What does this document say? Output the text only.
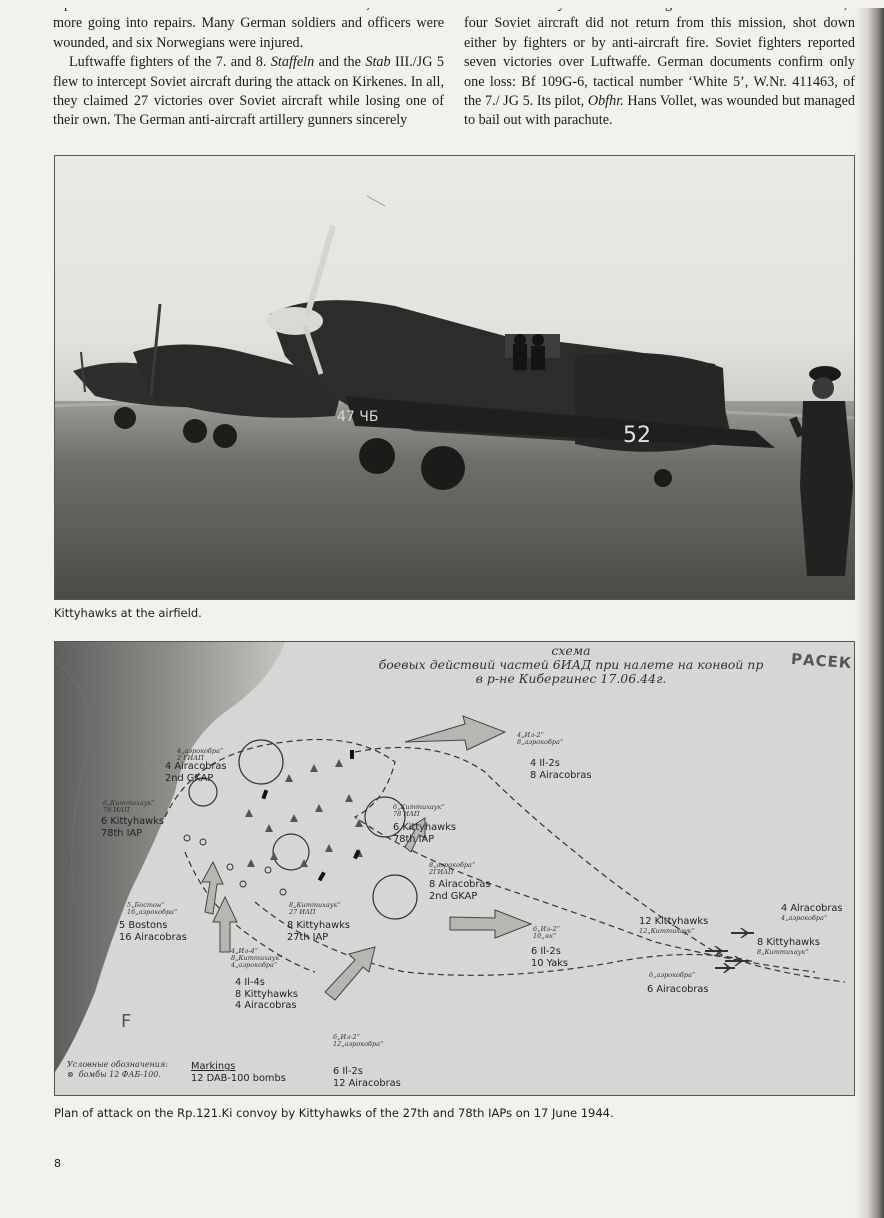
more going into repairs. Many German soldiers and officers were wounded, and six Norwegians were injured.

Luftwaffe fighters of the 7. and 8. Staffeln and the Stab III./JG 5 flew to intercept Soviet aircraft during the attack on Kirkenes. In all, they claimed 27 victories over Soviet aircraft while losing one of their own. The German anti-aircraft artillery gunners sincerely

four Soviet aircraft did not return from this mission, shot down either by fighters or by anti-aircraft fire. Soviet fighters reported seven victories over Luftwaffe. German documents confirm only one loss: Bf 109G-6, tactical number ‘White 5’, W.Nr. 411463, of the 7./ JG 5. Its pilot, Obfhr. Hans Vollet, was wounded but managed to bail out with parachute.

47 ЧБ
52
Kittyhawks at the airfield.
схема
боевых действий частей 6ИАД при налете на конвой пр
в р-не Кибергинес 17.06.44г.
РАСЕК
4„аэрокобра“
2 ГИАП
4 Airacobras
2nd GKAP
6„Киттихаук“
78 ИАП
6 Kittyhawks
78th IAP
5„Бостон“
16„аэрокобра“
5 Bostons
16 Airacobras
4„Ил-4“
8„Киттихаук“
4„аэрокобра“
4 Il-4s
8 Kittyhawks
4 Airacobras
8„Киттихаук“
27 ИАП
8 Kittyhawks
27th IAP
6„Киттихаук“
78 ИАП
6 Kittyhawks
78th IAP
8„аэрокобра“
2ГИАП
8 Airacobras
2nd GKAP
4„Ил-2“
8„аэрокобра“
4 Il-2s
8 Airacobras
6„Ил-2“
10„як“
6 Il-2s
10 Yaks
12 Kittyhawks
12„Киттихаук“
4 Alracobras
4„аэрокобра“
8 Kittyhawks
8„Киттихаук“
6„аэрокобра“
6 Airacobras
6„Ил-2“
12„аэрокобра“
6 Il-2s
12 Airacobras
Условные обозначения:
⊗  бомбы 12 ФАБ-100.
Markings
12 DAB-100 bombs
F
Plan of attack on the Rp.121.Ki convoy by Kittyhawks of the 27th and 78th IAPs on 17 June 1944.
8
